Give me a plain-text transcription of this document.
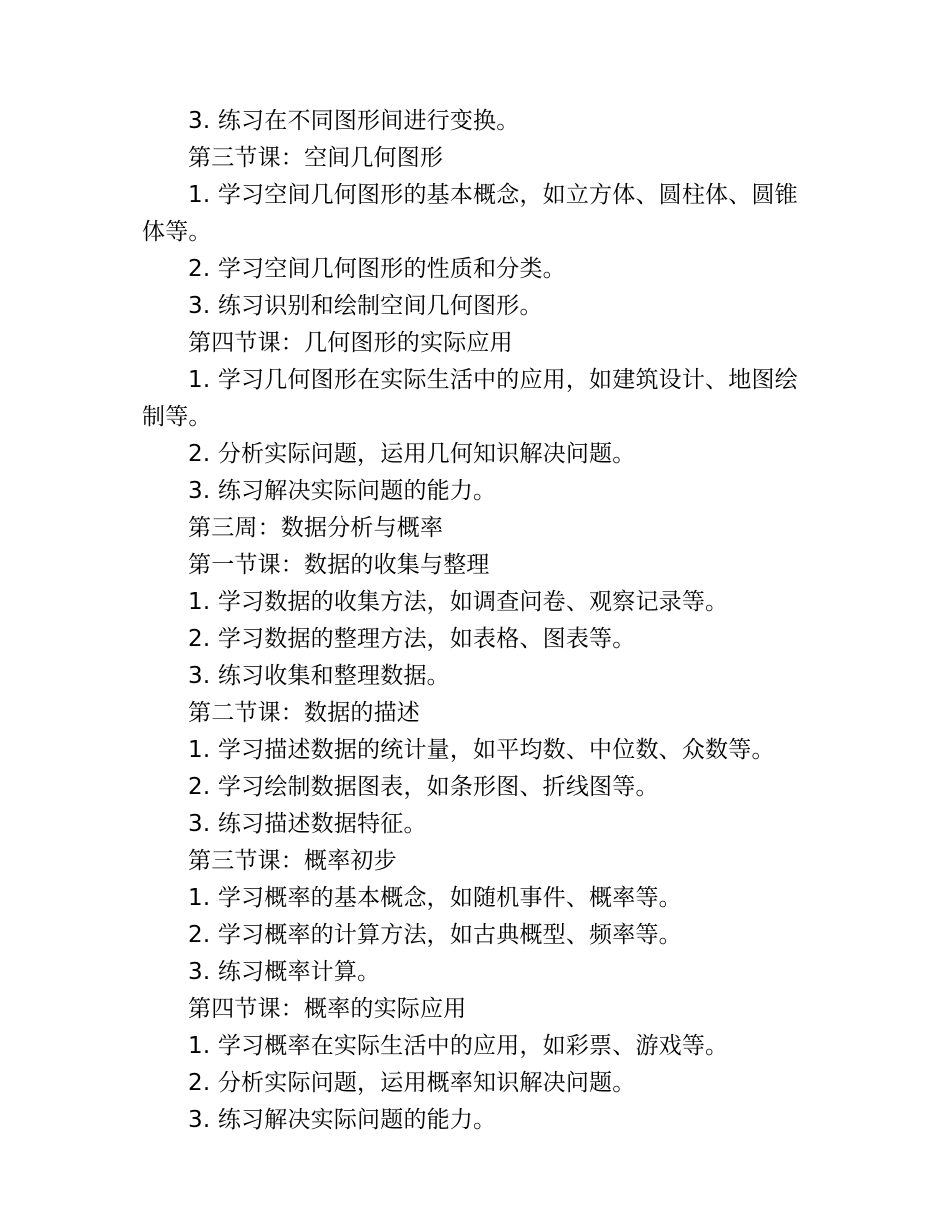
3. 练习在不同图形间进行变换。
第三节课：空间几何图形
1. 学习空间几何图形的基本概念，如立方体、圆柱体、圆锥体等。
2. 学习空间几何图形的性质和分类。
3. 练习识别和绘制空间几何图形。
第四节课：几何图形的实际应用
1. 学习几何图形在实际生活中的应用，如建筑设计、地图绘制等。
2. 分析实际问题，运用几何知识解决问题。
3. 练习解决实际问题的能力。
第三周：数据分析与概率
第一节课：数据的收集与整理
1. 学习数据的收集方法，如调查问卷、观察记录等。
2. 学习数据的整理方法，如表格、图表等。
3. 练习收集和整理数据。
第二节课：数据的描述
1. 学习描述数据的统计量，如平均数、中位数、众数等。
2. 学习绘制数据图表，如条形图、折线图等。
3. 练习描述数据特征。
第三节课：概率初步
1. 学习概率的基本概念，如随机事件、概率等。
2. 学习概率的计算方法，如古典概型、频率等。
3. 练习概率计算。
第四节课：概率的实际应用
1. 学习概率在实际生活中的应用，如彩票、游戏等。
2. 分析实际问题，运用概率知识解决问题。
3. 练习解决实际问题的能力。
